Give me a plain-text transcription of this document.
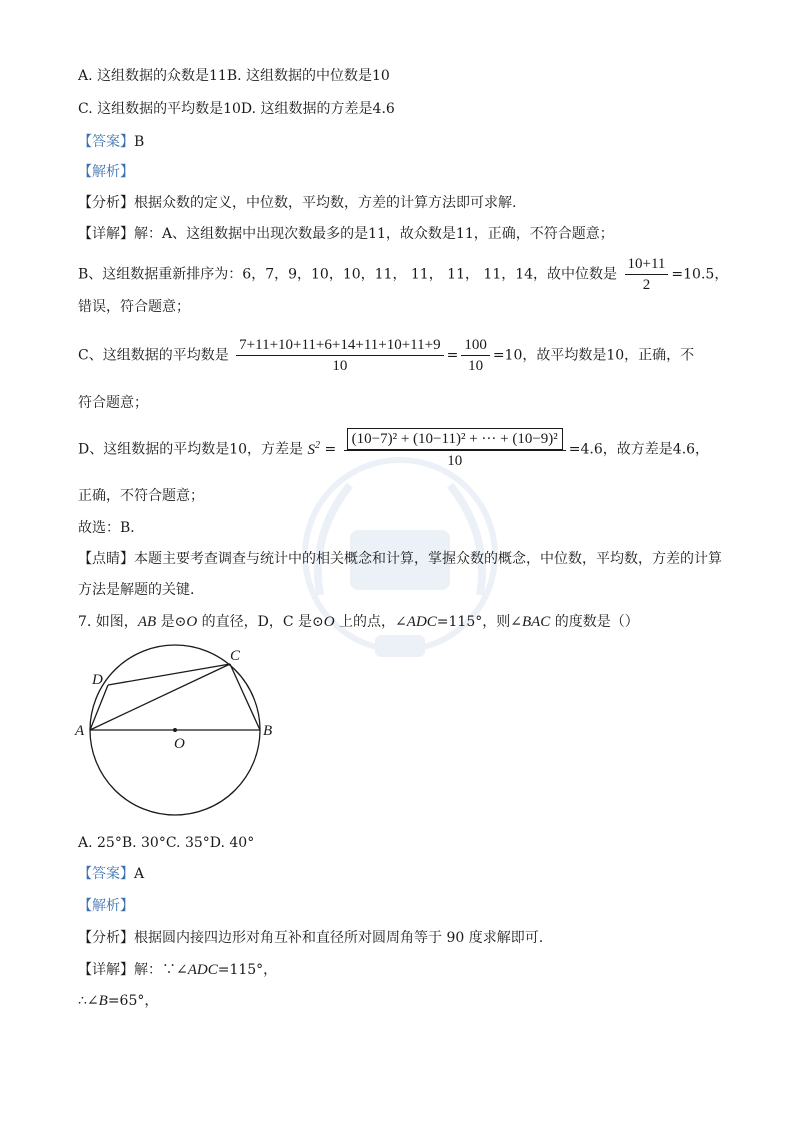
A. 这组数据的众数是11B. 这组数据的中位数是10
C. 这组数据的平均数是10D. 这组数据的方差是4.6
【答案】B
【解析】
【分析】根据众数的定义，中位数，平均数，方差的计算方法即可求解.
【详解】解：A、这组数据中出现次数最多的是11，故众数是11，正确，不符合题意；
B、这组数据重新排序为：6，7，9，10，10，11， 11， 11， 11，14，故中位数是 $\frac{10+11}{2} =10.5$，
错误，符合题意；
C、这组数据的平均数是 $\frac{7+11+10+11+6+14+11+10+11+9}{10} = \frac{100}{10} =10$，故平均数是10，正确，不
符合题意；
D、这组数据的平均数是10，方差是 $S^2 = \frac{\text{(10−7)² + (10−11)² + ··· + (10−9)²}}{10} =4.6$，故方差是4.6，
正确，不符合题意；
故选：B．
【点睛】本题主要考查调查与统计中的相关概念和计算，掌握众数的概念，中位数，平均数，方差的计算
方法是解题的关键.
7. 如图，AB 是⊙O 的直径，D，C 是⊙O 上的点，∠ADC=115°，则∠BAC 的度数是（）
A	B
C
D
O
A. 25°B. 30°C. 35°D. 40°
【答案】A
【解析】
【分析】根据圆内接四边形对角互补和直径所对圆周角等于 90 度求解即可.
【详解】解：∵∠ADC=115°，
∴∠B=65°，
